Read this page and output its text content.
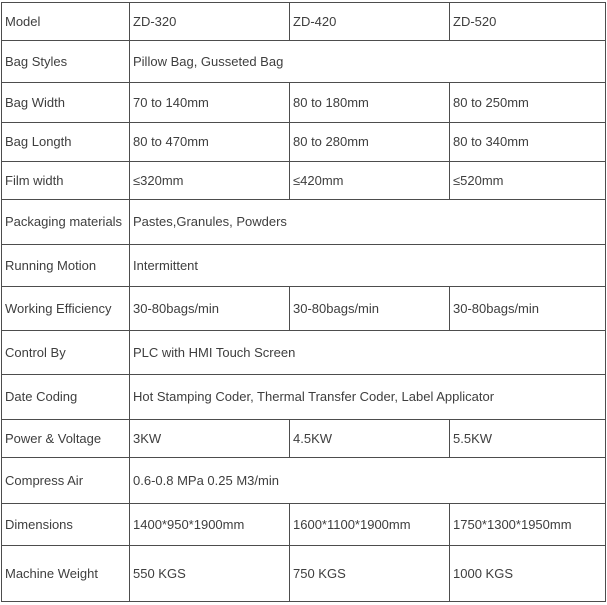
Model	ZD-320	ZD-420	ZD-520
Bag Styles	Pillow Bag, Gusseted Bag		
Bag Width	70 to 140mm	80 to 180mm	80 to 250mm
Bag Longth	80 to 470mm	80 to 280mm	80 to 340mm
Film width	≤320mm	≤420mm	≤520mm
Packaging materials	Pastes,Granules, Powders		
Running Motion	Intermittent		
Working Efficiency	30-80bags/min	30-80bags/min	30-80bags/min
Control By	PLC with HMI Touch Screen		
Date Coding	Hot Stamping Coder, Thermal Transfer Coder, Label Applicator		
Power & Voltage	3KW	4.5KW	5.5KW
Compress Air	0.6-0.8 MPa 0.25 M3/min		
Dimensions	1400*950*1900mm	1600*1100*1900mm	1750*1300*1950mm
Machine Weight	550 KGS	750 KGS	1000 KGS
